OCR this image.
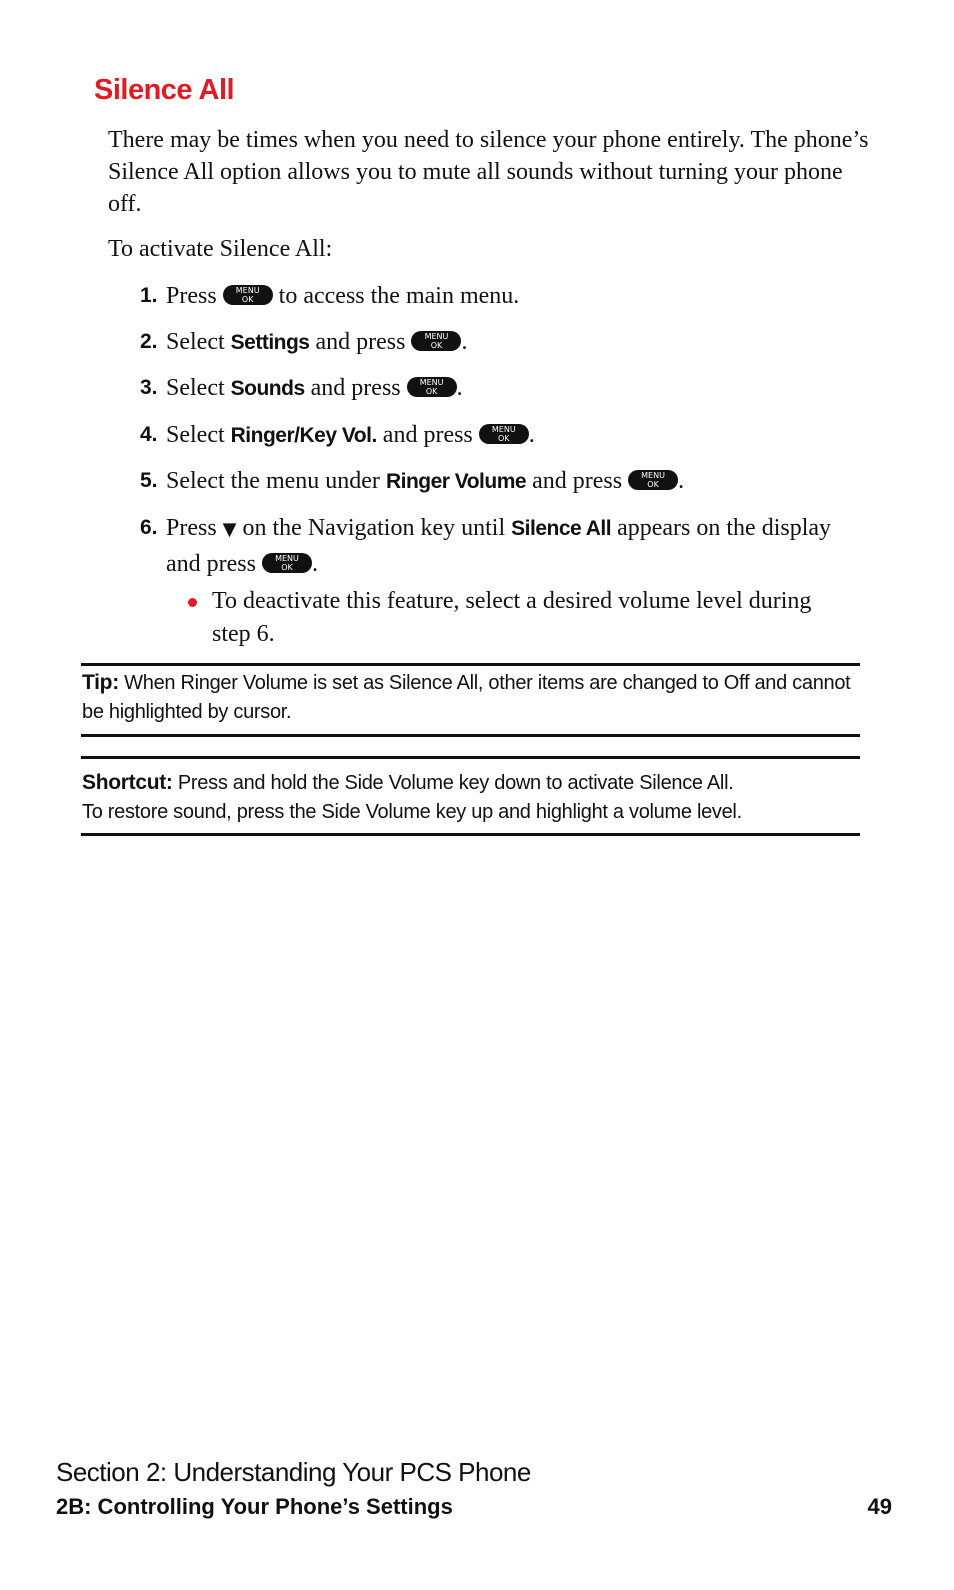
Silence All
There may be times when you need to silence your phone entirely. The phone’s Silence All option allows you to mute all sounds without turning your phone off.
To activate Silence All:
1. Press MENU
OK to access the main menu.
2. Select Settings and press MENU
OK .
3. Select Sounds and press MENU
OK .
4. Select Ringer/Key Vol. and press MENU
OK .
5. Select the menu under Ringer Volume and press MENU
OK .
6. Press ▼ on the Navigation key until Silence All appears on the display and press MENU
OK .
To deactivate this feature, select a desired volume level during step 6.
Tip: When Ringer Volume is set as Silence All, other items are changed to Off and cannot be highlighted by cursor.
Shortcut: Press and hold the Side Volume key down to activate Silence All.
To restore sound, press the Side Volume key up and highlight a volume level.
Section 2: Understanding Your PCS Phone
2B: Controlling Your Phone’s Settings	49
